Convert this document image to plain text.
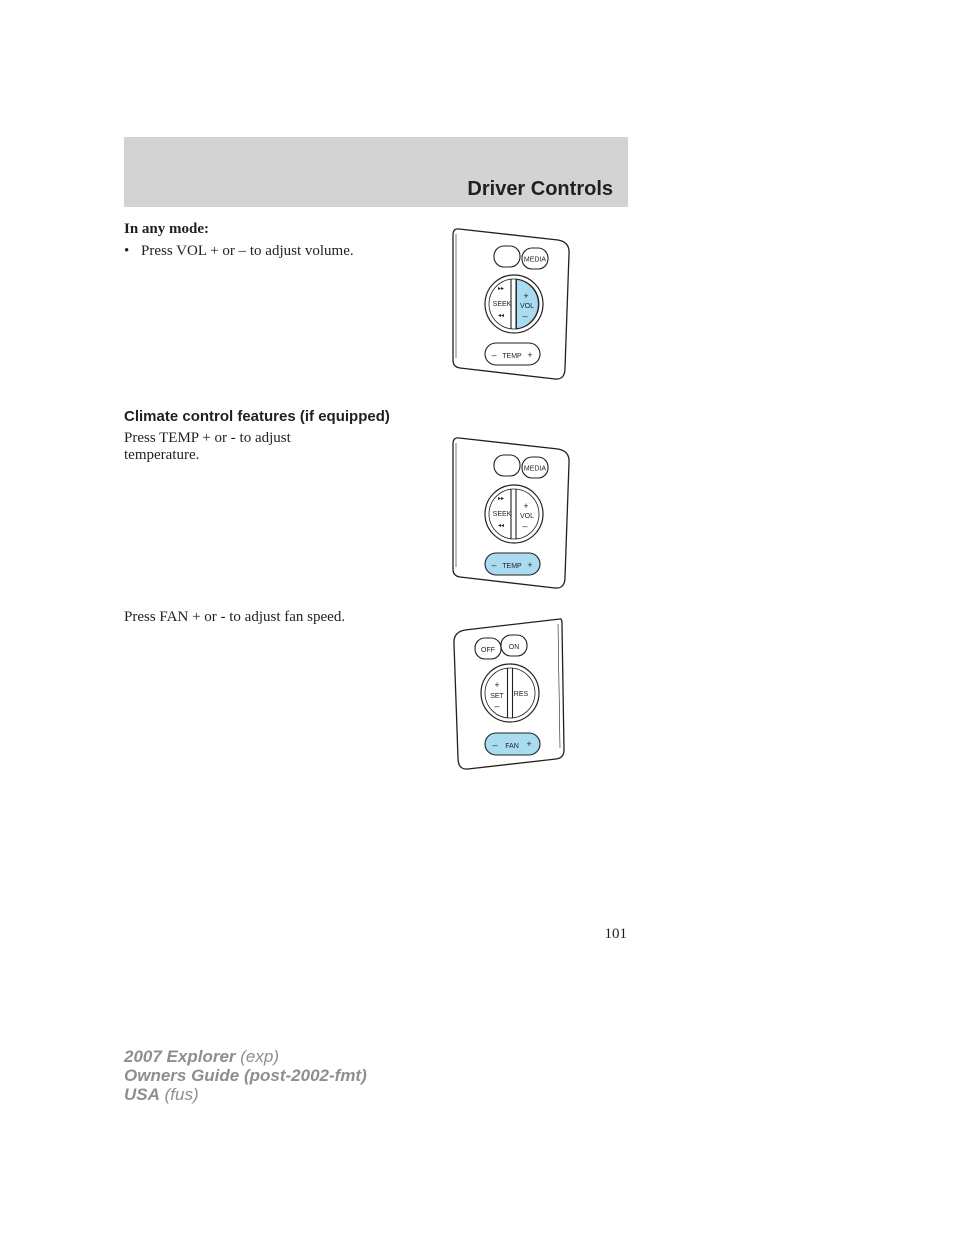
Driver Controls

In any mode:

• Press VOL + or – to adjust volume.
Climate control features (if equipped)

Press TEMP + or - to adjust temperature.

Press FAN + or - to adjust fan speed.

MEDIA
▸▸
SEEK
◂◂
+
VOL
–
– TEMP +
MEDIA
▸▸
SEEK
◂◂
+
VOL
–
– TEMP +
OFF ON
+
SET
–
RES
– FAN +

101

2007 Explorer (exp)
Owners Guide (post-2002-fmt)
USA (fus)
